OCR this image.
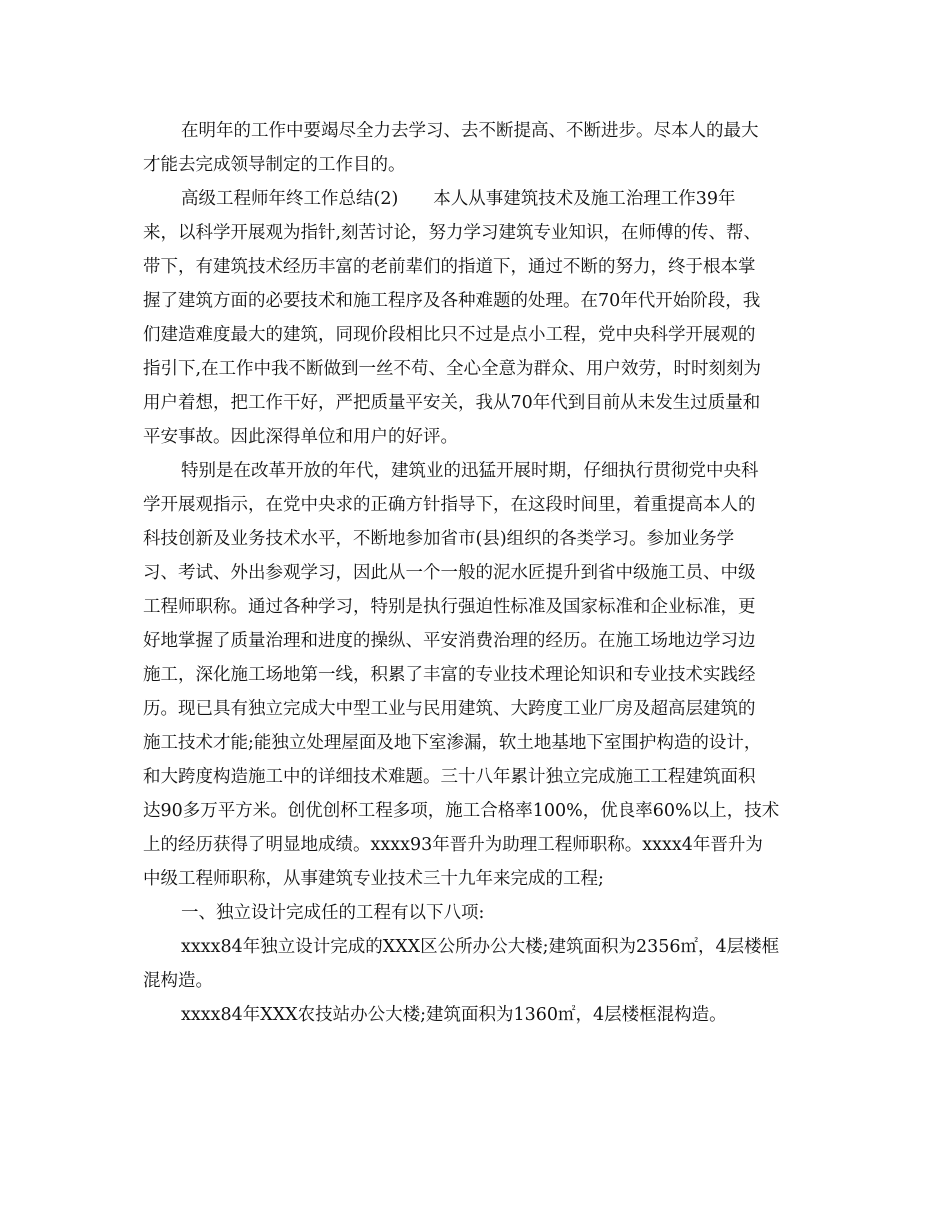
在明年的工作中要竭尽全力去学习、去不断提高、不断进步。尽本人的最大
才能去完成领导制定的工作目的。
高级工程师年终工作总结(2)　　本人从事建筑技术及施工治理工作39年
来，以科学开展观为指针,刻苦讨论，努力学习建筑专业知识，在师傅的传、帮、
带下，有建筑技术经历丰富的老前辈们的指道下，通过不断的努力，终于根本掌
握了建筑方面的必要技术和施工程序及各种难题的处理。在70年代开始阶段，我
们建造难度最大的建筑，同现价段相比只不过是点小工程，党中央科学开展观的
指引下,在工作中我不断做到一丝不苟、全心全意为群众、用户效劳，时时刻刻为
用户着想，把工作干好，严把质量平安关，我从70年代到目前从未发生过质量和
平安事故。因此深得单位和用户的好评。
特别是在改革开放的年代，建筑业的迅猛开展时期，仔细执行贯彻党中央科
学开展观指示，在党中央求的正确方针指导下，在这段时间里，着重提高本人的
科技创新及业务技术水平，不断地参加省市(县)组织的各类学习。参加业务学
习、考试、外出参观学习，因此从一个一般的泥水匠提升到省中级施工员、中级
工程师职称。通过各种学习，特别是执行强迫性标准及国家标准和企业标准，更
好地掌握了质量治理和进度的操纵、平安消费治理的经历。在施工场地边学习边
施工，深化施工场地第一线，积累了丰富的专业技术理论知识和专业技术实践经
历。现已具有独立完成大中型工业与民用建筑、大跨度工业厂房及超高层建筑的
施工技术才能;能独立处理屋面及地下室渗漏，软土地基地下室围护构造的设计，
和大跨度构造施工中的详细技术难题。三十八年累计独立完成施工工程建筑面积
达90多万平方米。创优创杯工程多项，施工合格率100%，优良率60%以上，技术
上的经历获得了明显地成绩。xxxx93年晋升为助理工程师职称。xxxx4年晋升为
中级工程师职称，从事建筑专业技术三十九年来完成的工程;
一、独立设计完成任的工程有以下八项:
xxxx84年独立设计完成的XXX区公所办公大楼;建筑面积为2356㎡，4层楼框
混构造。
xxxx84年XXX农技站办公大楼;建筑面积为1360㎡，4层楼框混构造。
